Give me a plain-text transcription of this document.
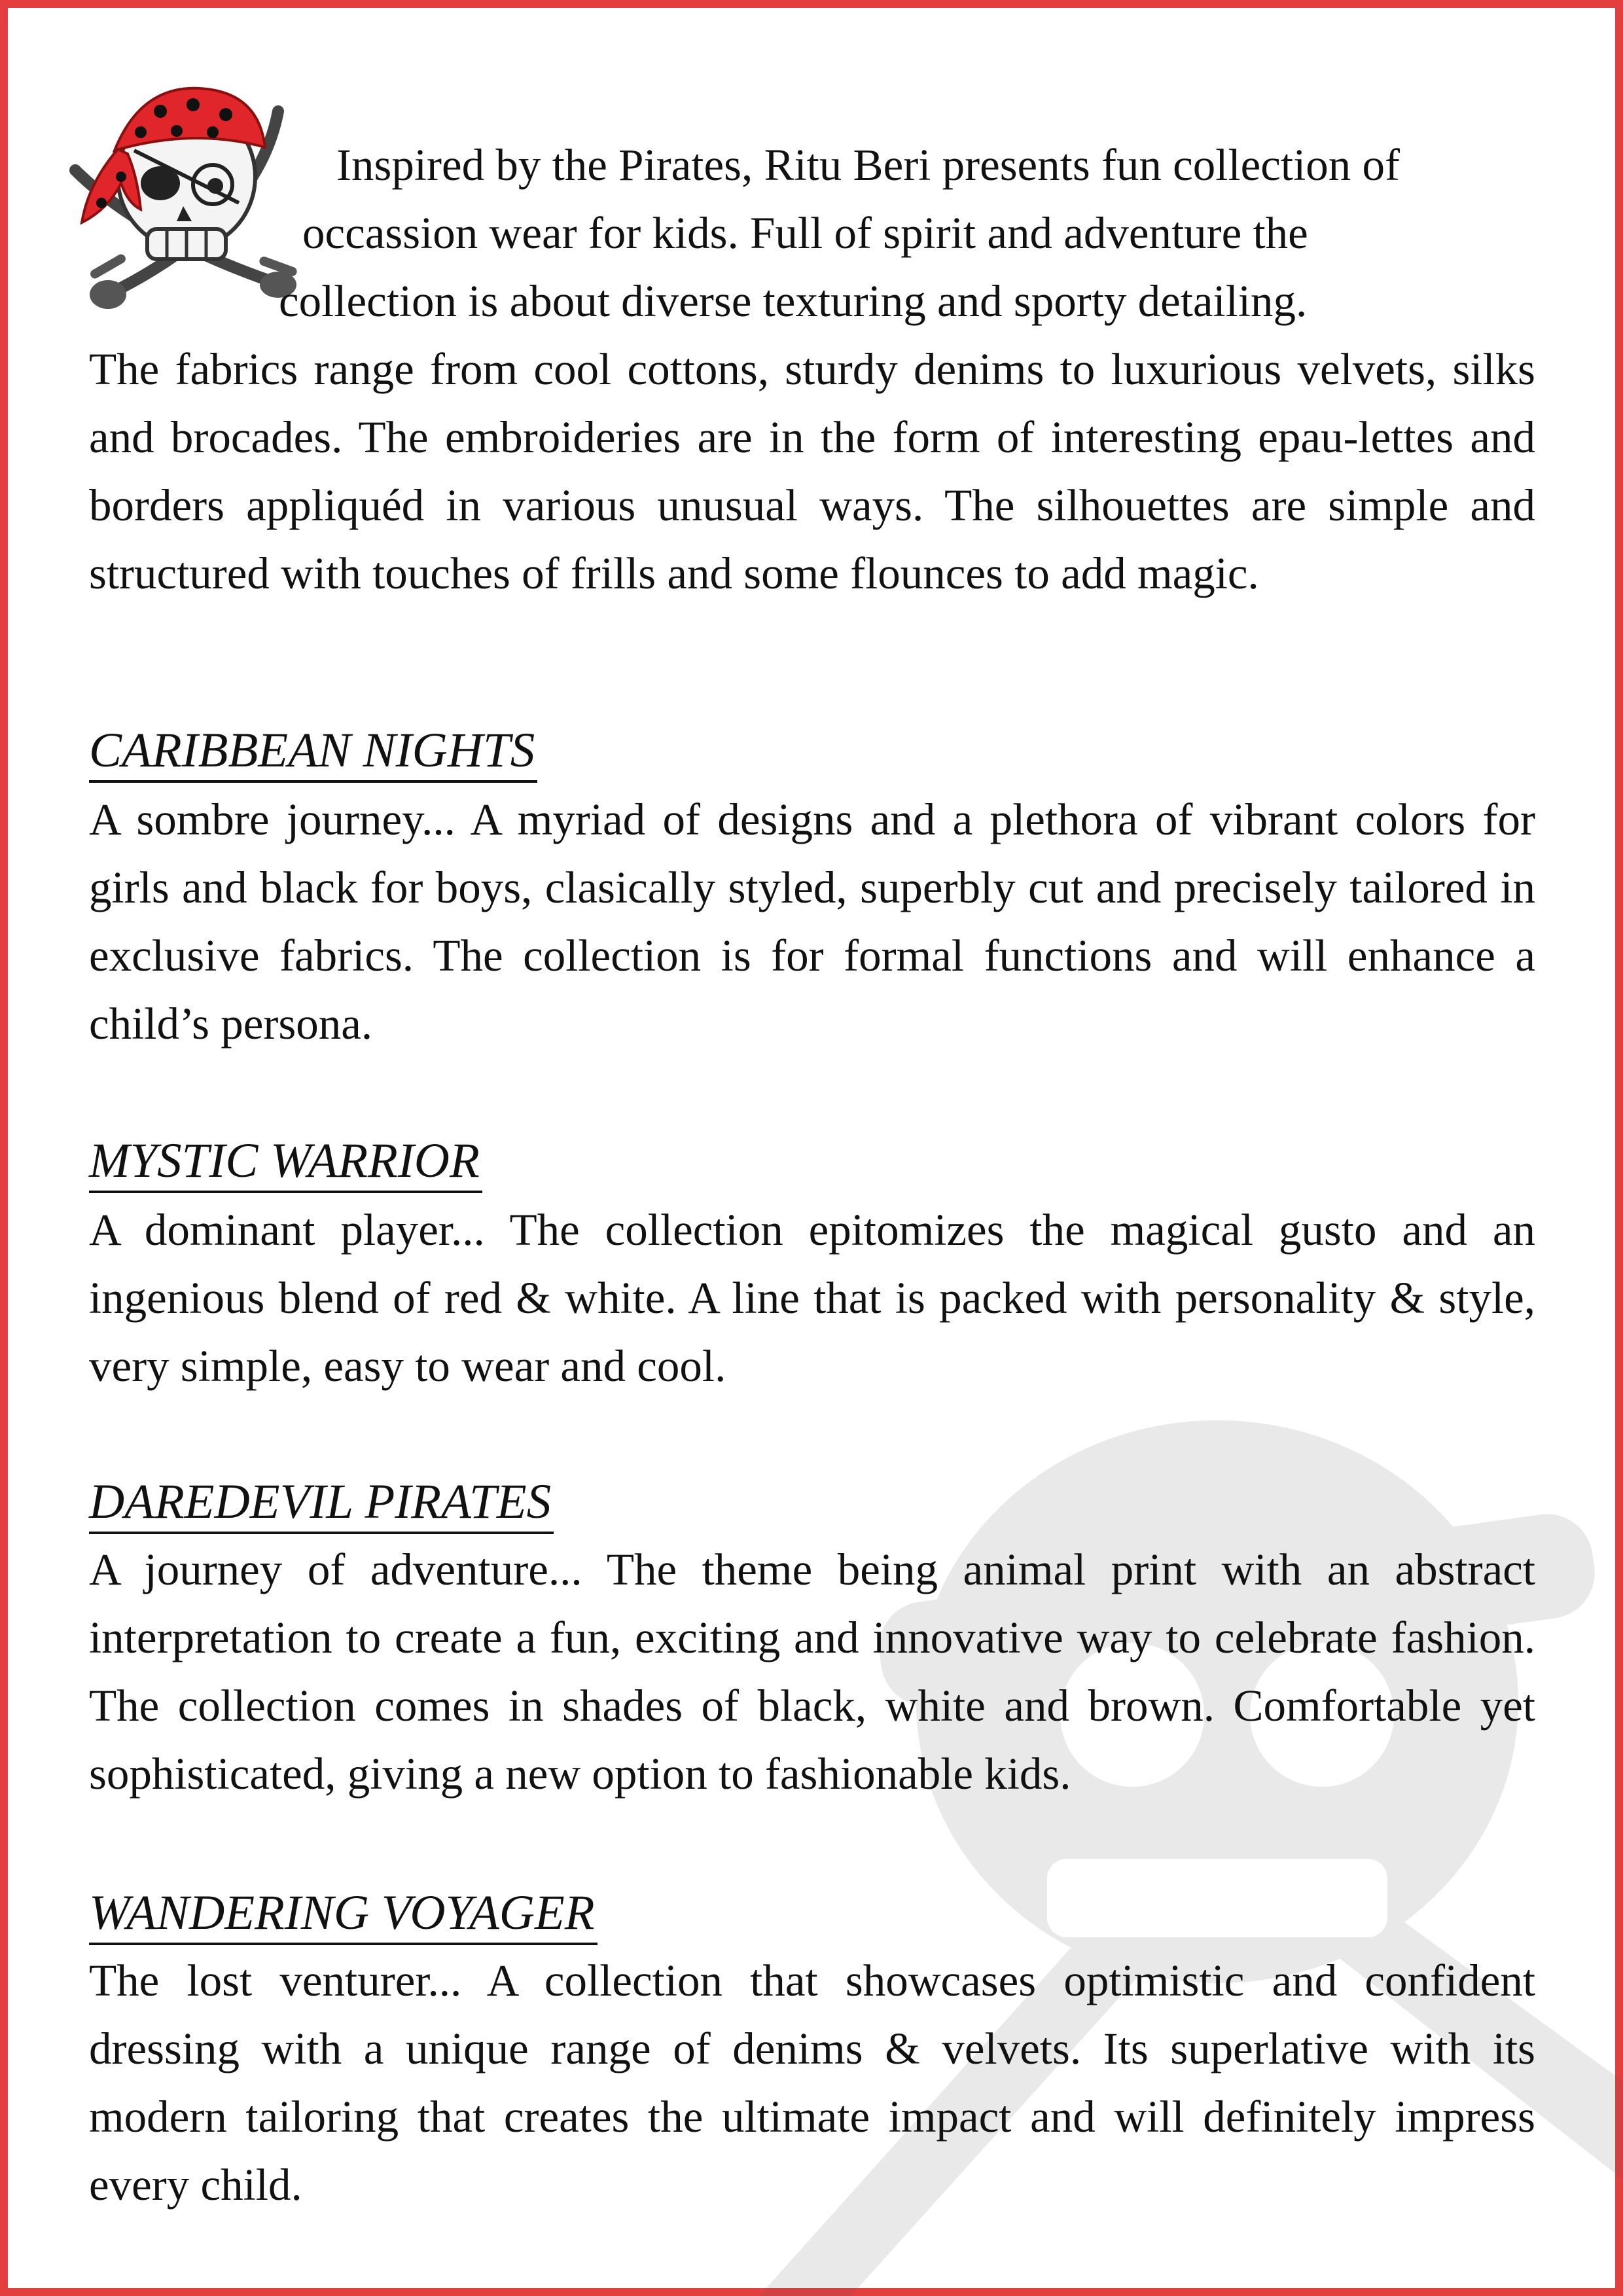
Inspired by the Pirates, Ritu Beri presents fun collection of

occassion wear for kids. Full of spirit and adventure the

collection is about diverse texturing and sporty detailing.

The fabrics range from cool cottons, sturdy denims to luxurious velvets, silks and brocades. The embroideries are in the form of interesting epau-lettes and borders appliquéd in various unusual ways. The silhouettes are simple and structured with touches of frills and some flounces to add magic.

CARIBBEAN NIGHTS

A sombre journey... A myriad of designs and a plethora of vibrant colors for girls and black for boys, clasically styled, superbly cut and precisely tailored in exclusive fabrics. The collection is for formal functions and will enhance a child’s persona.

MYSTIC WARRIOR

A dominant player... The collection epitomizes the magical gusto and an ingenious blend of red & white. A line that is packed with personality & style, very simple, easy to wear and cool.

DAREDEVIL PIRATES

A journey of adventure... The theme being animal print with an abstract interpretation to create a fun, exciting and innovative way to celebrate fashion. The collection comes in shades of black, white and brown. Comfortable yet sophisticated, giving a new option to fashionable kids.

WANDERING VOYAGER

The lost venturer... A collection that showcases optimistic and confident dressing with a unique range of denims & velvets. Its superlative with its modern tailoring that creates the ultimate impact and will definitely impress every child.
